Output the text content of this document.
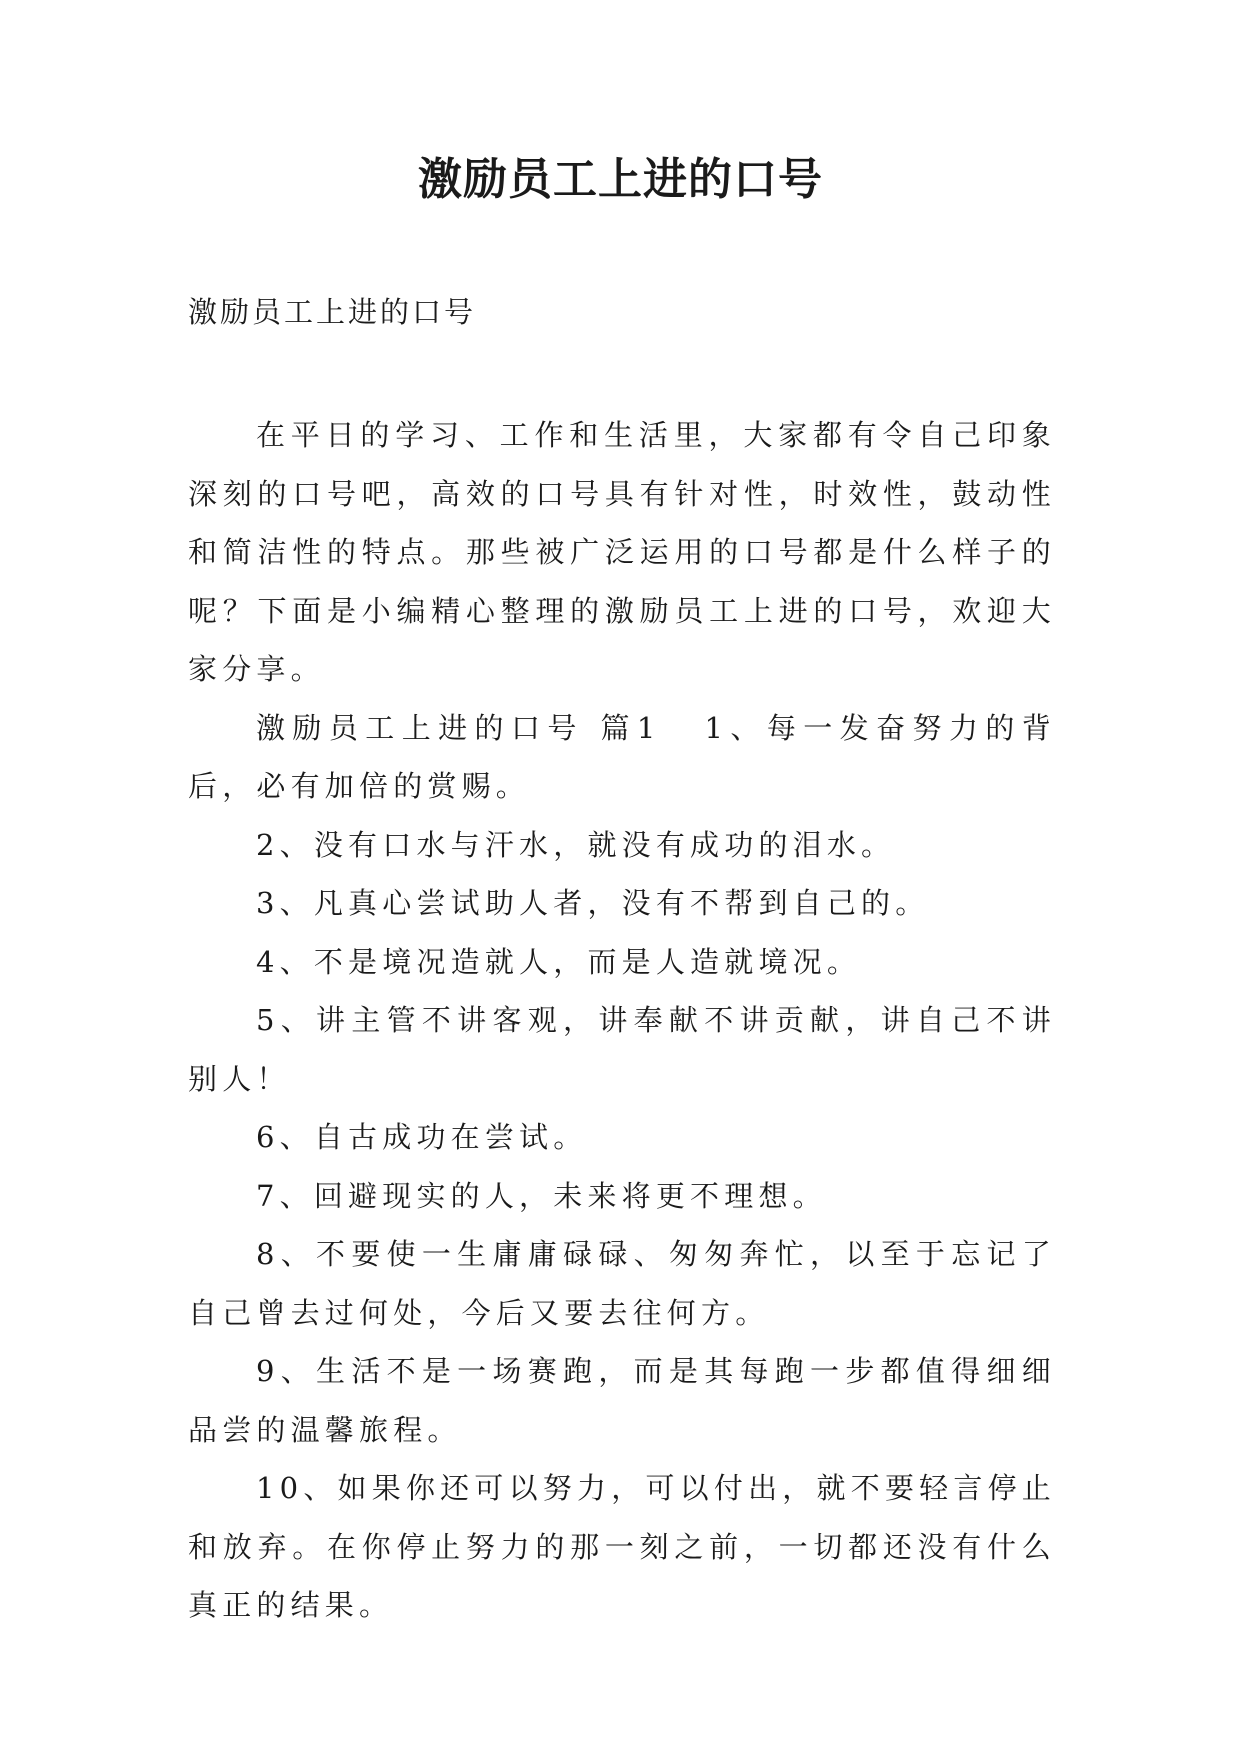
激励员工上进的口号
激励员工上进的口号

在平日的学习、工作和生活里，大家都有令自己印象深刻的口号吧，高效的口号具有针对性，时效性，鼓动性和简洁性的特点。那些被广泛运用的口号都是什么样子的呢？下面是小编精心整理的激励员工上进的口号，欢迎大家分享。

激励员工上进的口号 篇1 1、每一发奋努力的背后，必有加倍的赏赐。

2、没有口水与汗水，就没有成功的泪水。

3、凡真心尝试助人者，没有不帮到自己的。

4、不是境况造就人，而是人造就境况。

5、讲主管不讲客观，讲奉献不讲贡献，讲自己不讲别人！

6、自古成功在尝试。

7、回避现实的人，未来将更不理想。

8、不要使一生庸庸碌碌、匆匆奔忙，以至于忘记了自己曾去过何处，今后又要去往何方。

9、生活不是一场赛跑，而是其每跑一步都值得细细品尝的温馨旅程。

10、如果你还可以努力，可以付出，就不要轻言停止和放弃。在你停止努力的那一刻之前，一切都还没有什么真正的结果。
